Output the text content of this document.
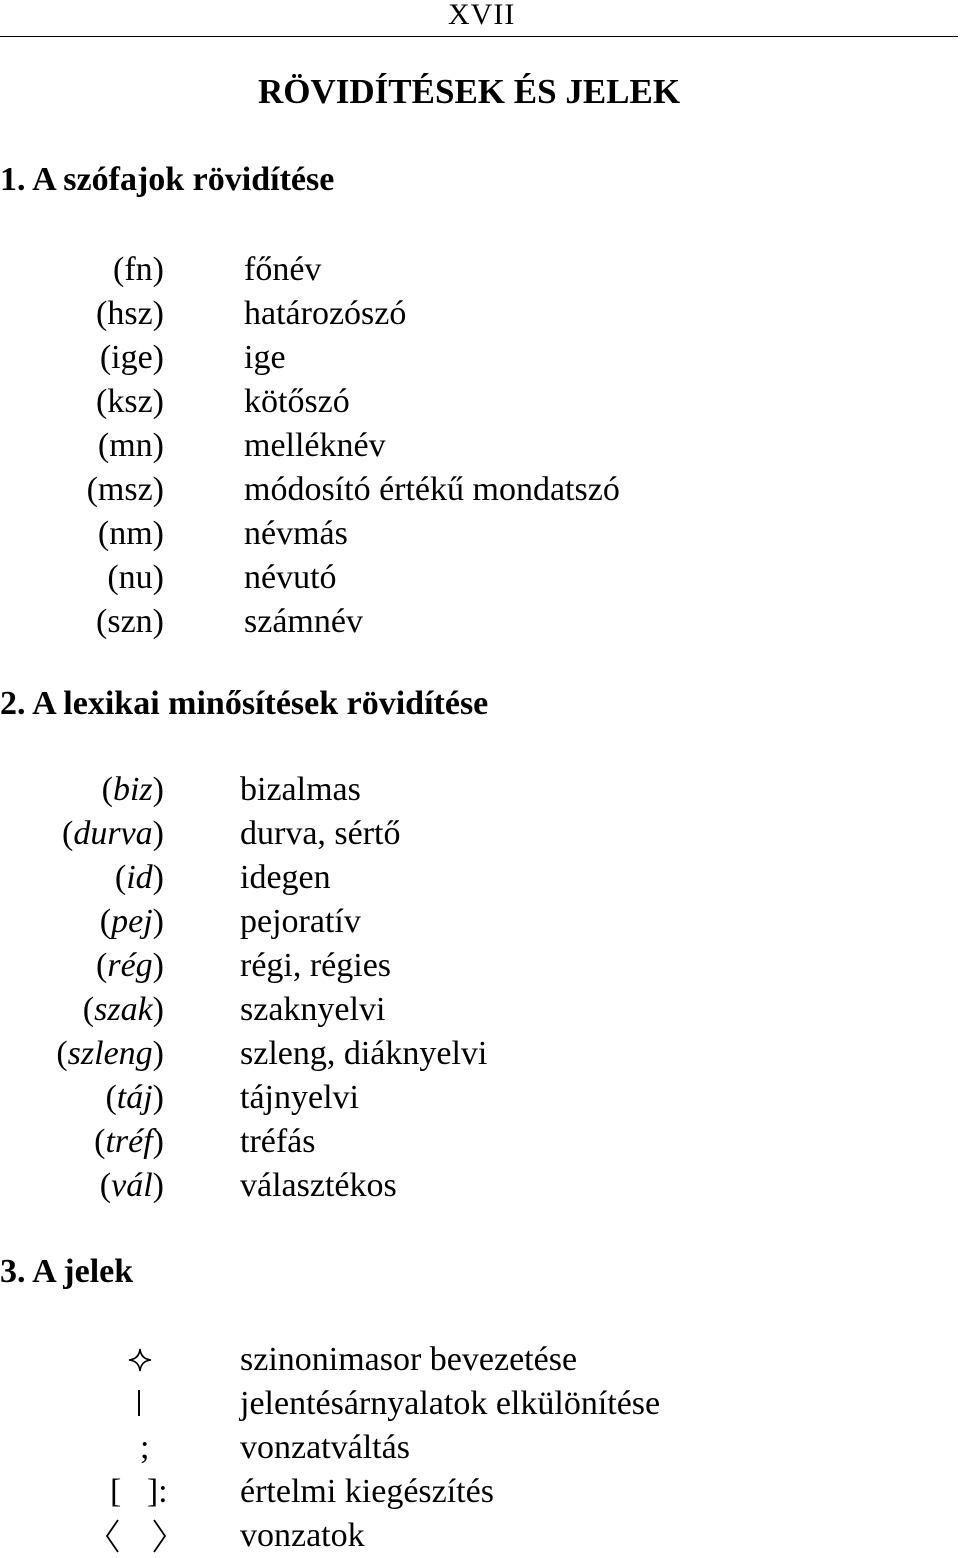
XVII
RÖVIDÍTÉSEK ÉS JELEK
1. A szófajok rövidítése
(fn) főnév
(hsz) határozószó
(ige) ige
(ksz) kötőszó
(mn) melléknév
(msz) módosító értékű mondatszó
(nm) névmás
(nu) névutó
(szn) számnév
2. A lexikai minősítések rövidítése
(biz) bizalmas
(durva) durva, sértő
(id) idegen
(pej) pejoratív
(rég) régi, régies
(szak) szaknyelvi
(szleng) szleng, diáknyelvi
(táj) tájnyelvi
(tréf) tréfás
(vál) választékos
3. A jelek
szinonimasor bevezetése
jelentésárnyalatok elkülönítése
;	vonzatváltás
[   ]: értelmi kiegészítés
vonzatok
